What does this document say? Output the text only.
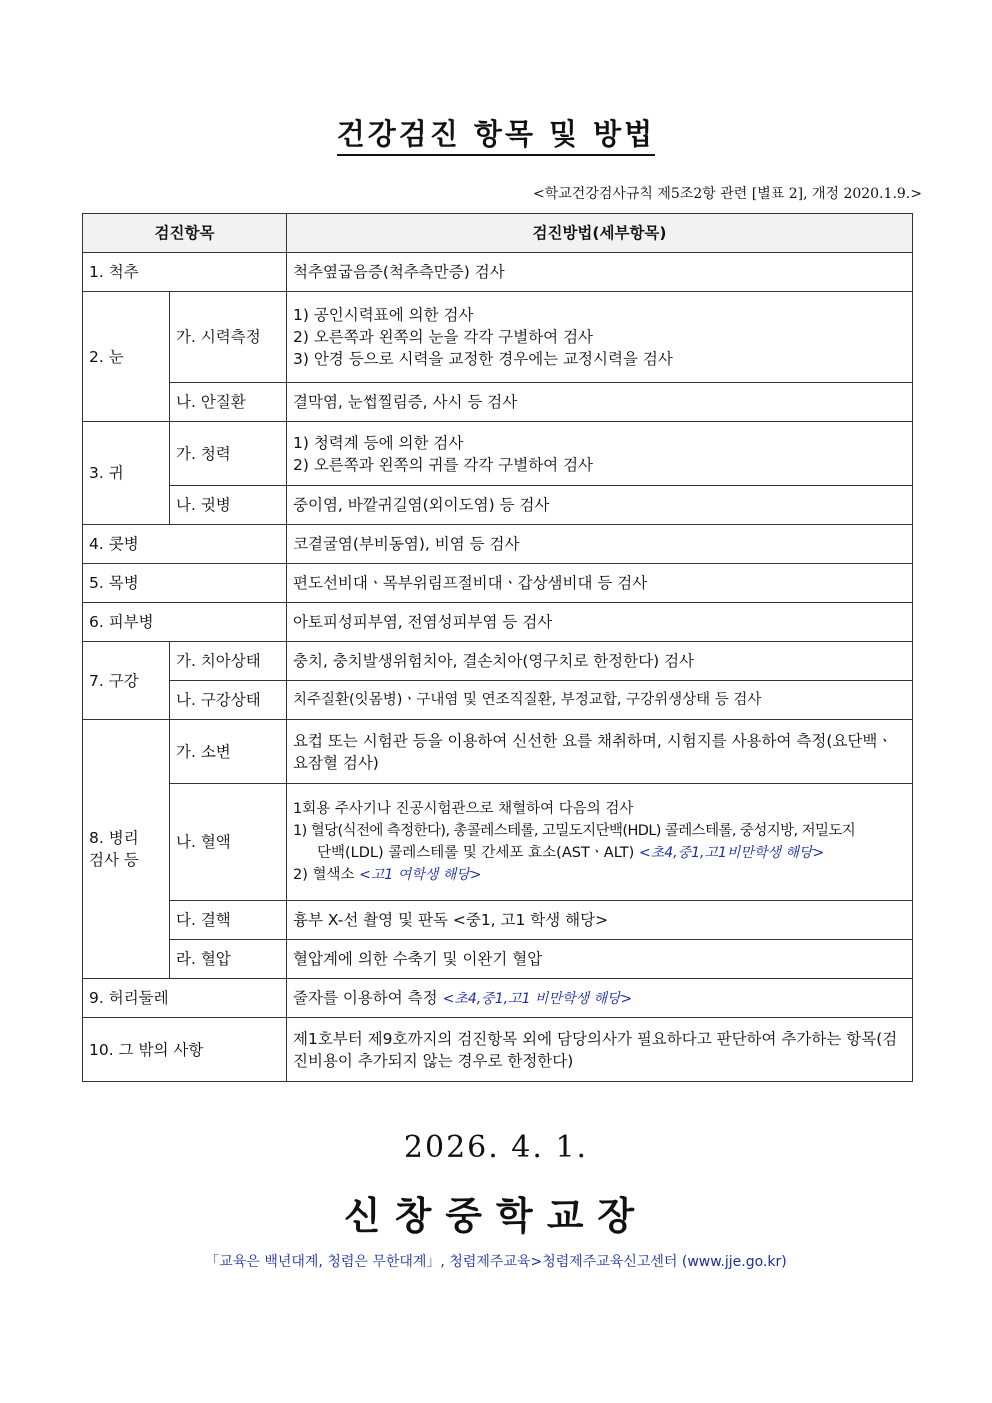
건강검진 항목 및 방법
<학교건강검사규칙 제5조2항 관련 [별표 2], 개정 2020.1.9.>
검진항목		검진방법(세부항목)
1. 척추		척추옆굽음증(척추측만증) 검사
2. 눈	가. 시력측정	1) 공인시력표에 의한 검사
2) 오른쪽과 왼쪽의 눈을 각각 구별하여 검사
3) 안경 등으로 시력을 교정한 경우에는 교정시력을 검사

	나. 안질환	결막염, 눈썹찔림증, 사시 등 검사
3. 귀	가. 청력	1) 청력계 등에 의한 검사
2) 오른쪽과 왼쪽의 귀를 각각 구별하여 검사

	나. 귓병	중이염, 바깥귀길염(외이도염) 등 검사
4. 콧병		코곁굴염(부비동염), 비염 등 검사
5. 목병		편도선비대ㆍ목부위림프절비대ㆍ갑상샘비대 등 검사
6. 피부병		아토피성피부염, 전염성피부염 등 검사
7. 구강	가. 치아상태	충치, 충치발생위험치아, 결손치아(영구치로 한정한다) 검사
	나. 구강상태	치주질환(잇몸병)ㆍ구내염 및 연조직질환, 부정교합, 구강위생상태 등 검사

8. 병리
검사 등	가. 소변	요컵 또는 시험관 등을 이용하여 신선한 요를 채취하며, 시험지를 사용하여 측정(요단백ㆍ요잠혈 검사)
	나. 혈액	1회용 주사기나 진공시험관으로 채혈하여 다음의 검사
1) 혈당(식전에 측정한다), 총콜레스테롤, 고밀도지단백(HDL) 콜레스테롤, 중성지방, 저밀도지
단백(LDL) 콜레스테롤 및 간세포 효소(ASTㆍALT) <초4,중1,고1비만학생 해당>
2) 혈색소 <고1 여학생 해당>

	다. 결핵	흉부 X-선 촬영 및 판독 <중1, 고1 학생 해당>
	라. 혈압	혈압계에 의한 수축기 및 이완기 혈압
9. 허리둘레		줄자를 이용하여 측정 <초4,중1,고1 비만학생 해당>
10. 그 밖의 사항		제1호부터 제9호까지의 검진항목 외에 담당의사가 필요하다고 판단하여 추가하는 항목(검진비용이 추가되지 않는 경우로 한정한다)
2026. 4. 1.
신창중학교장
「교육은 백년대계, 청렴은 무한대계」, 청렴제주교육>청렴제주교육신고센터 (www.jje.go.kr)
